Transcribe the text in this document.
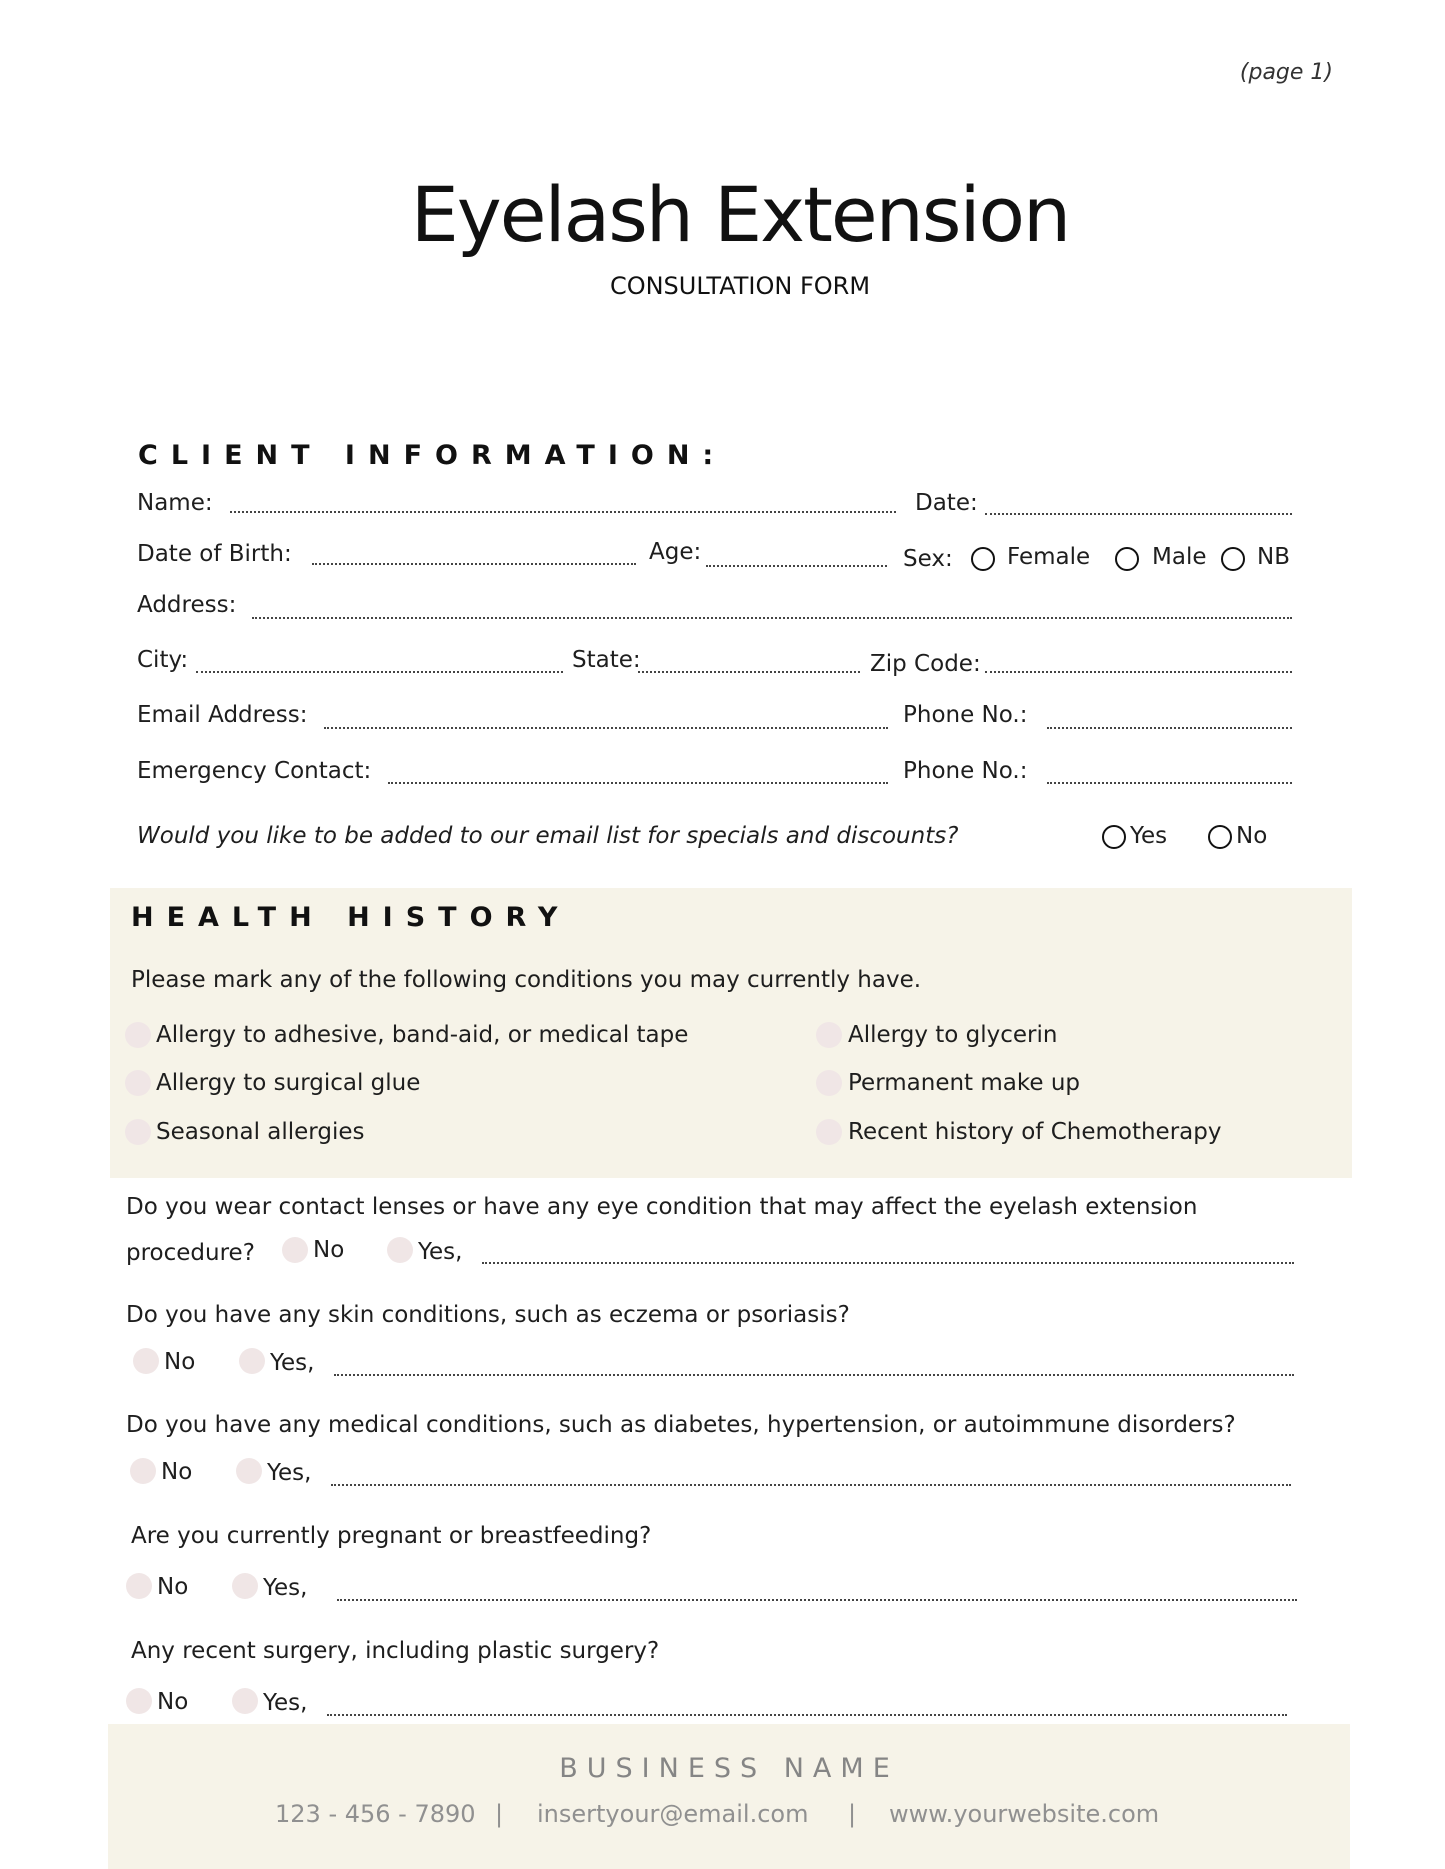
(page 1)
Eyelash Extension
CONSULTATION FORM
CLIENT INFORMATION:
Name:	Date:
Date of Birth:	Age:	Sex: Female	Male NB
Address:
City:	State:	Zip Code:
Email Address:	Phone No.:
Emergency Contact:	Phone No.:
Would you like to be added to our email list for specials and discounts?	Yes	No
HEALTH HISTORY
Please mark any of the following conditions you may currently have.
Allergy to adhesive, band-aid, or medical tape
Allergy to surgical glue
Seasonal allergies
Allergy to glycerin
Permanent make up
Recent history of Chemotherapy
Do you wear contact lenses or have any eye condition that may affect the eyelash extension
procedure?	No	Yes,
Do you have any skin conditions, such as eczema or psoriasis?
No	Yes,
Do you have any medical conditions, such as diabetes, hypertension, or autoimmune disorders?
No	Yes,
Are you currently pregnant or breastfeeding?
No	Yes,
Any recent surgery, including plastic surgery?
No	Yes,
BUSINESS NAME
123 - 456 - 7890 | insertyour@email.com | www.yourwebsite.com
